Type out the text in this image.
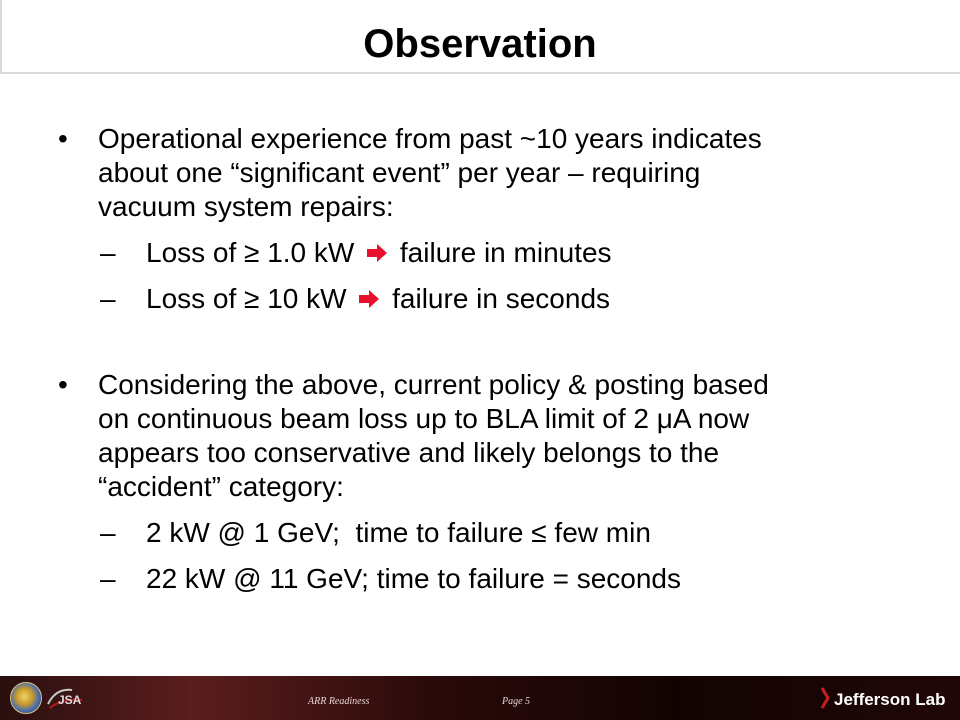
Observation
• Operational experience from past ~10 years indicates
about one “significant event” per year – requiring
vacuum system repairs:
– Loss of ≥ 1.0 kW failure in minutes
– Loss of ≥ 10 kW failure in seconds
• Considering the above, current policy & posting based
on continuous beam loss up to BLA limit of 2 μA now
appears too conservative and likely belongs to the
“accident” category:
– 2 kW @ 1 GeV;  time to failure ≤ few min
– 22 kW @ 11 GeV; time to failure = seconds
ARR Readiness	Page 5
JSA	Jefferson Lab
